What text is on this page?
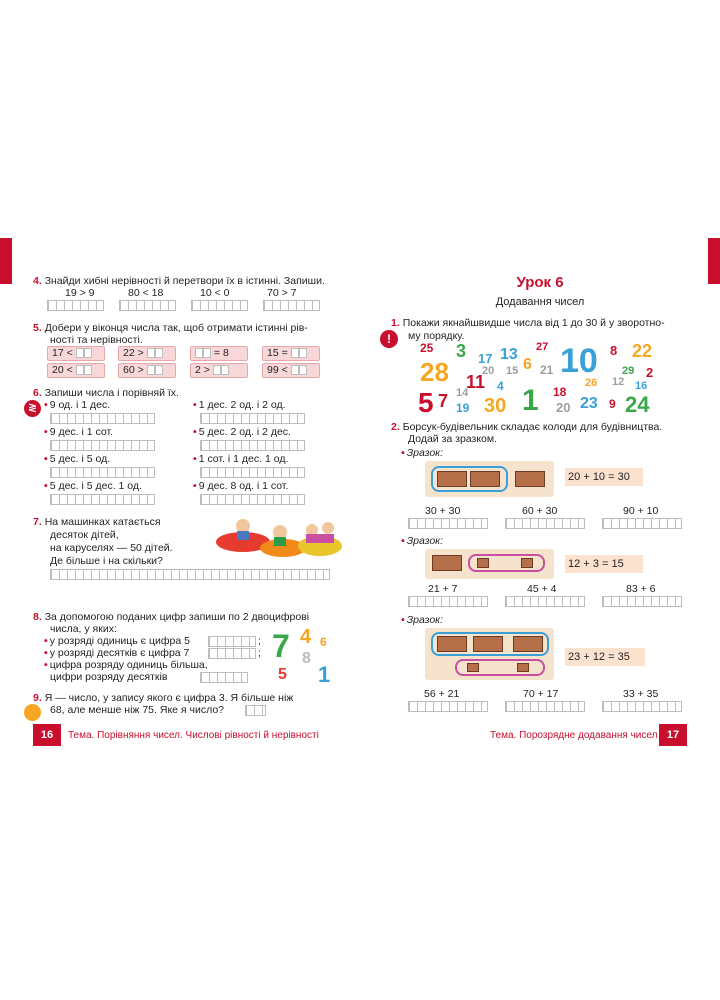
4. Знайди хибні нерівності й перетвори їх в істинні. Запиши.
19 > 9	80 < 18	10 < 0	70 > 7
5. Добери у віконця числа так, щоб отримати істинні рів-
ності та нерівності.
17 <	22 >	= 8	15 =
20 <	60 >	2 >	99 <
6. Запиши числа і порівняй їх.
≷ • 9 од. і 1 дес.
• 9 дес. і 1 сот.
• 5 дес. і 5 од.
• 5 дес. і 5 дес. 1 од.
• 1 дес. 2 од. і 2 од.
• 5 дес. 2 од. і 2 дес.
• 1 сот. і 1 дес. 1 од.
• 9 дес. 8 од. і 1 сот.
7. На машинках катається
десяток дітей,
на каруселях — 50 дітей.
Де більше і на скільки?
8. За допомогою поданих цифр запиши по 2 двоцифрові
числа, у яких:
• у розряді одиниць є цифра 5
• у розряді десятків є цифра 7
• цифра розряду одиниць більша,
цифри розряду десятків
;
; 7 4 6
8
5 1
9. Я — число, у запису якого є цифра 3. Я більше ніж
68, але менше ніж 75. Яке я число?
16	Тема. Порівняння чисел. Числові рівності й нерівності
Урок 6
Додавання чисел
1. Покажи якнайшвидше числа від 1 до 30 й у зворотно-
!	му порядку.
25 3 17 13 27 10 8 22
28 11
20 15 6 21	29 2
4	12 16
5 7 14
19 30 1 18
26
20 23 9 24
2. Борсук-будівельник складає колоди для будівництва.
Додай за зразком.
• Зразок:
20 + 10 = 30
30 + 30	60 + 30	90 + 10
• Зразок:
12 + 3 = 15
21 + 7	45 + 4	83 + 6
• Зразок:
23 + 12 = 35
56 + 21	70 + 17	33 + 35
Тема. Порозрядне додавання чисел 17
